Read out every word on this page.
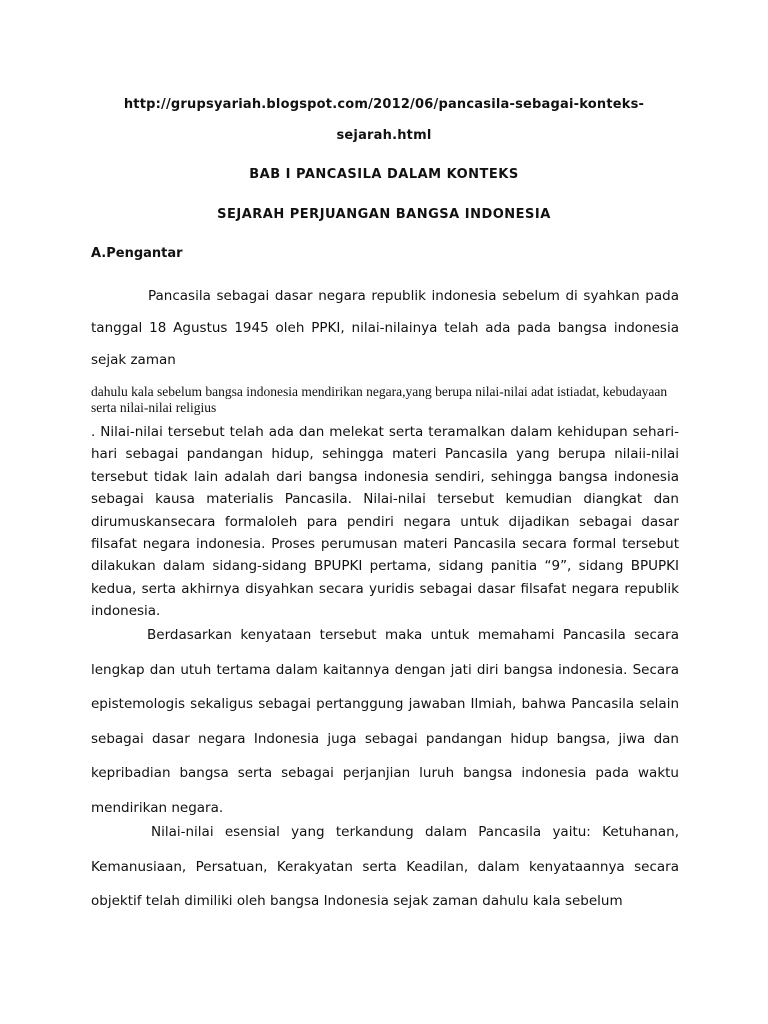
http://grupsyariah.blogspot.com/2012/06/pancasila-sebagai-konteks-
sejarah.html
BAB I PANCASILA DALAM KONTEKS
SEJARAH PERJUANGAN BANGSA INDONESIA
A.Pengantar
Pancasila sebagai dasar negara republik indonesia sebelum di syahkan pada tanggal 18 Agustus 1945 oleh PPKI, nilai-nilainya telah ada pada bangsa indonesia sejak zaman
dahulu kala sebelum bangsa indonesia mendirikan negara,yang berupa nilai-nilai adat istiadat, kebudayaan serta nilai-nilai religius
. Nilai-nilai tersebut telah ada dan melekat serta teramalkan dalam kehidupan sehari-hari sebagai pandangan hidup, sehingga materi Pancasila yang berupa nilaii-nilai tersebut tidak lain adalah dari bangsa indonesia sendiri, sehingga bangsa indonesia sebagai kausa materialis Pancasila. Nilai-nilai tersebut kemudian diangkat dan dirumuskansecara formaloleh para pendiri negara untuk dijadikan sebagai dasar filsafat negara indonesia. Proses perumusan materi Pancasila secara formal tersebut dilakukan dalam sidang-sidang BPUPKI pertama, sidang panitia “9”, sidang BPUPKI kedua, serta akhirnya disyahkan secara yuridis sebagai dasar filsafat negara republik indonesia.
Berdasarkan kenyataan tersebut maka untuk memahami Pancasila secara lengkap dan utuh tertama dalam kaitannya dengan jati diri bangsa indonesia. Secara epistemologis sekaligus sebagai pertanggung jawaban Ilmiah, bahwa Pancasila selain sebagai dasar negara Indonesia juga sebagai pandangan hidup bangsa, jiwa dan kepribadian bangsa serta sebagai perjanjian luruh bangsa indonesia pada waktu mendirikan negara.
Nilai-nilai esensial yang terkandung dalam Pancasila yaitu: Ketuhanan, Kemanusiaan, Persatuan, Kerakyatan serta Keadilan, dalam kenyataannya secara objektif telah dimiliki oleh bangsa Indonesia sejak zaman dahulu kala sebelum
